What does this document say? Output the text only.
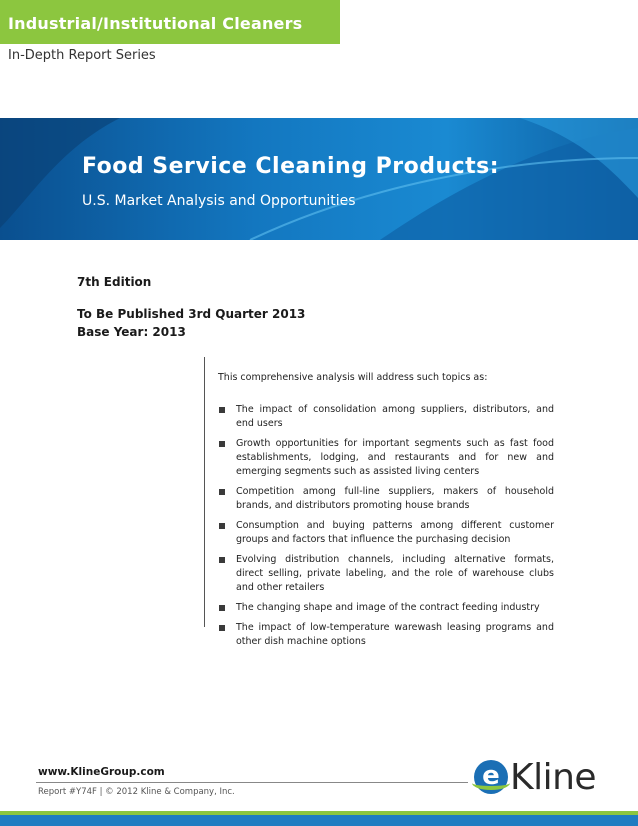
Industrial/Institutional Cleaners
In-Depth Report Series
Food Service Cleaning Products:
U.S. Market Analysis and Opportunities
7th Edition
To Be Published 3rd Quarter 2013
Base Year: 2013
This comprehensive analysis will address such topics as:
The impact of consolidation among suppliers, distributors, and end users
Growth opportunities for important segments such as fast food establishments, lodging, and restaurants and for new and emerging segments such as assisted living centers
Competition among full-line suppliers, makers of household brands, and distributors promoting house brands
Consumption and buying patterns among different customer groups and factors that influence the purchasing decision
Evolving distribution channels, including alternative formats, direct selling, private labeling, and the role of warehouse clubs and other retailers
The changing shape and image of the contract feeding industry
The impact of low-temperature warewash leasing programs and other dish machine options
www.KlineGroup.com
Report #Y74F | © 2012 Kline & Company, Inc.
e Kline
